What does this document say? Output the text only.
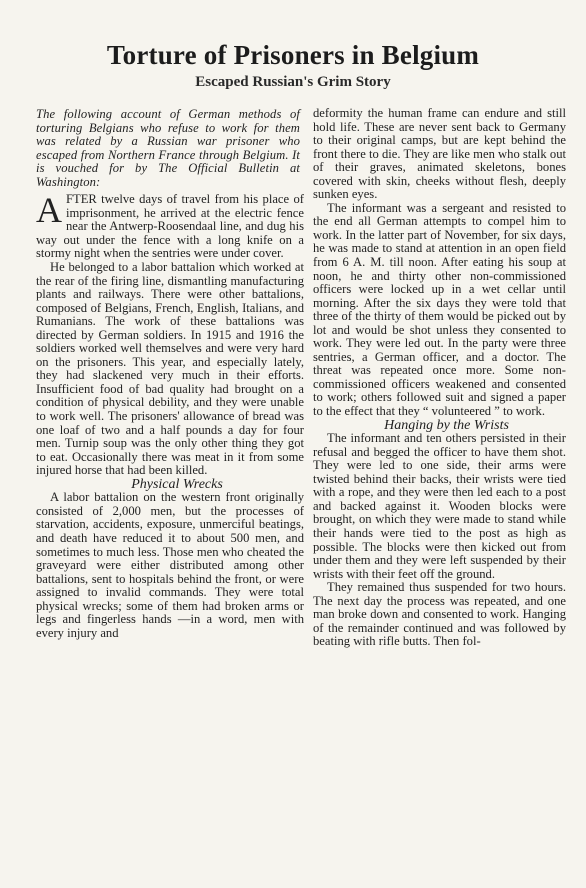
Torture of Prisoners in Belgium
Escaped Russian's Grim Story

The following account of German methods of torturing Belgians who refuse to work for them was related by a Russian war prisoner who escaped from Northern France through Belgium. It is vouched for by The Official Bulletin at Washington:

AFTER twelve days of travel from his place of imprisonment, he arrived at the electric fence near the Antwerp-Roosendaal line, and dug his way out under the fence with a long knife on a stormy night when the sentries were under cover.

He belonged to a labor battalion which worked at the rear of the firing line, dismantling manufacturing plants and railways. There were other battalions, composed of Belgians, French, English, Italians, and Rumanians. The work of these battalions was directed by German soldiers. In 1915 and 1916 the soldiers worked well themselves and were very hard on the prisoners. This year, and especially lately, they had slackened very much in their efforts. Insufficient food of bad quality had brought on a condition of physical debility, and they were unable to work well. The prisoners' allowance of bread was one loaf of two and a half pounds a day for four men. Turnip soup was the only other thing they got to eat. Occasionally there was meat in it from some injured horse that had been killed.

Physical Wrecks

A labor battalion on the western front originally consisted of 2,000 men, but the processes of starvation, accidents, exposure, unmerciful beatings, and death have reduced it to about 500 men, and sometimes to much less. Those men who cheated the graveyard were either distributed among other battalions, sent to hospitals behind the front, or were assigned to invalid commands. They were total physical wrecks; some of them had broken arms or legs and fingerless hands —in a word, men with every injury and

deformity the human frame can endure and still hold life. These are never sent back to Germany to their original camps, but are kept behind the front there to die. They are like men who stalk out of their graves, animated skeletons, bones covered with skin, cheeks without flesh, deeply sunken eyes.

The informant was a sergeant and resisted to the end all German attempts to compel him to work. In the latter part of November, for six days, he was made to stand at attention in an open field from 6 A. M. till noon. After eating his soup at noon, he and thirty other non-commissioned officers were locked up in a wet cellar until morning. After the six days they were told that three of the thirty of them would be picked out by lot and would be shot unless they consented to work. They were led out. In the party were three sentries, a German officer, and a doctor. The threat was repeated once more. Some non-commissioned officers weakened and consented to work; others followed suit and signed a paper to the effect that they “ volunteered ” to work.

Hanging by the Wrists

The informant and ten others persisted in their refusal and begged the officer to have them shot. They were led to one side, their arms were twisted behind their backs, their wrists were tied with a rope, and they were then led each to a post and backed against it. Wooden blocks were brought, on which they were made to stand while their hands were tied to the post as high as possible. The blocks were then kicked out from under them and they were left suspended by their wrists with their feet off the ground.

They remained thus suspended for two hours. The next day the process was repeated, and one man broke down and consented to work. Hanging of the remainder continued and was followed by beating with rifle butts. Then fol-
